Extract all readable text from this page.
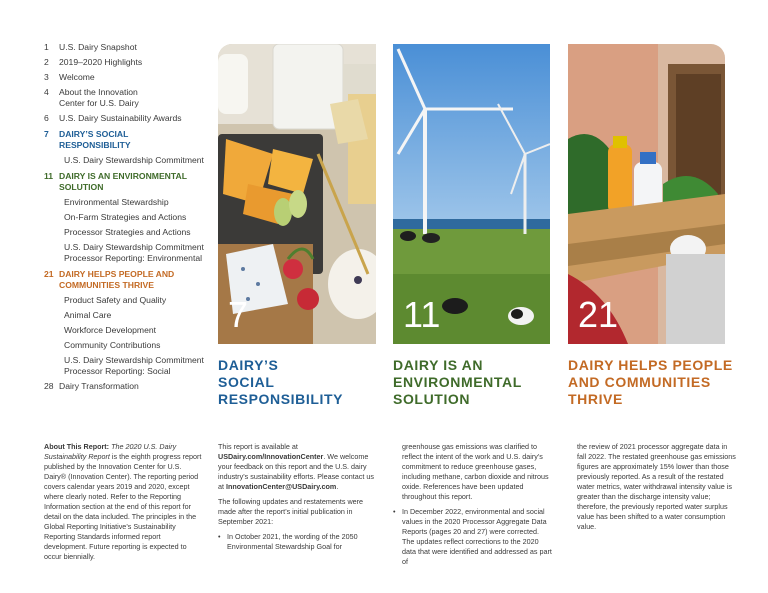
1	U.S. Dairy Snapshot
2	2019–2020 Highlights
3	Welcome
4	About the Innovation Center for U.S. Dairy
6	U.S. Dairy Sustainability Awards
7	DAIRY’S SOCIAL RESPONSIBILITY
U.S. Dairy Stewardship Commitment
11 DAIRY IS AN ENVIRONMENTAL SOLUTION
Environmental Stewardship
On-Farm Strategies and Actions
Processor Strategies and Actions
U.S. Dairy Stewardship Commitment Processor Reporting: Environmental
21 DAIRY HELPS PEOPLE AND COMMUNITIES THRIVE
Product Safety and Quality
Animal Care
Workforce Development
Community Contributions
U.S. Dairy Stewardship Commitment Processor Reporting: Social
28 Dairy Transformation
7	11	21
DAIRY’S
SOCIAL
RESPONSIBILITY
DAIRY IS AN
ENVIRONMENTAL
SOLUTION
DAIRY HELPS PEOPLE
AND COMMUNITIES
THRIVE

About This Report: The 2020 U.S. Dairy Sustainability Report is the eighth progress report published by the Innovation Center for U.S. Dairy® (Innovation Center). The reporting period covers calendar years 2019 and 2020, except where clearly noted. Refer to the Reporting Information section at the end of this report for detail on the data included. The principles in the Global Reporting Initiative’s Sustainability Reporting Standards informed report development. Future reporting is expected to occur biennially.

This report is available at USDairy.com/InnovationCenter. We welcome your feedback on this report and the U.S. dairy industry’s sustainability efforts. Please contact us at InnovationCenter@USDairy.com.

The following updates and restatements were made after the report’s initial publication in September 2021:

• In October 2021, the wording of the 2050 Environmental Stewardship Goal for

greenhouse gas emissions was clarified to reflect the intent of the work and U.S. dairy’s commitment to reduce greenhouse gases, including methane, carbon dioxide and nitrous oxide. References have been updated throughout this report.

• In December 2022, environmental and social values in the 2020 Processor Aggregate Data Reports (pages 20 and 27) were corrected. The updates reflect corrections to the 2020 data that were identified and addressed as part of

the review of 2021 processor aggregate data in fall 2022. The restated greenhouse gas emissions figures are approximately 15% lower than those previously reported. As a result of the restated water metrics, water withdrawal intensity value is greater than the discharge intensity value; therefore, the previously reported water surplus value has been shifted to a water consumption value.
